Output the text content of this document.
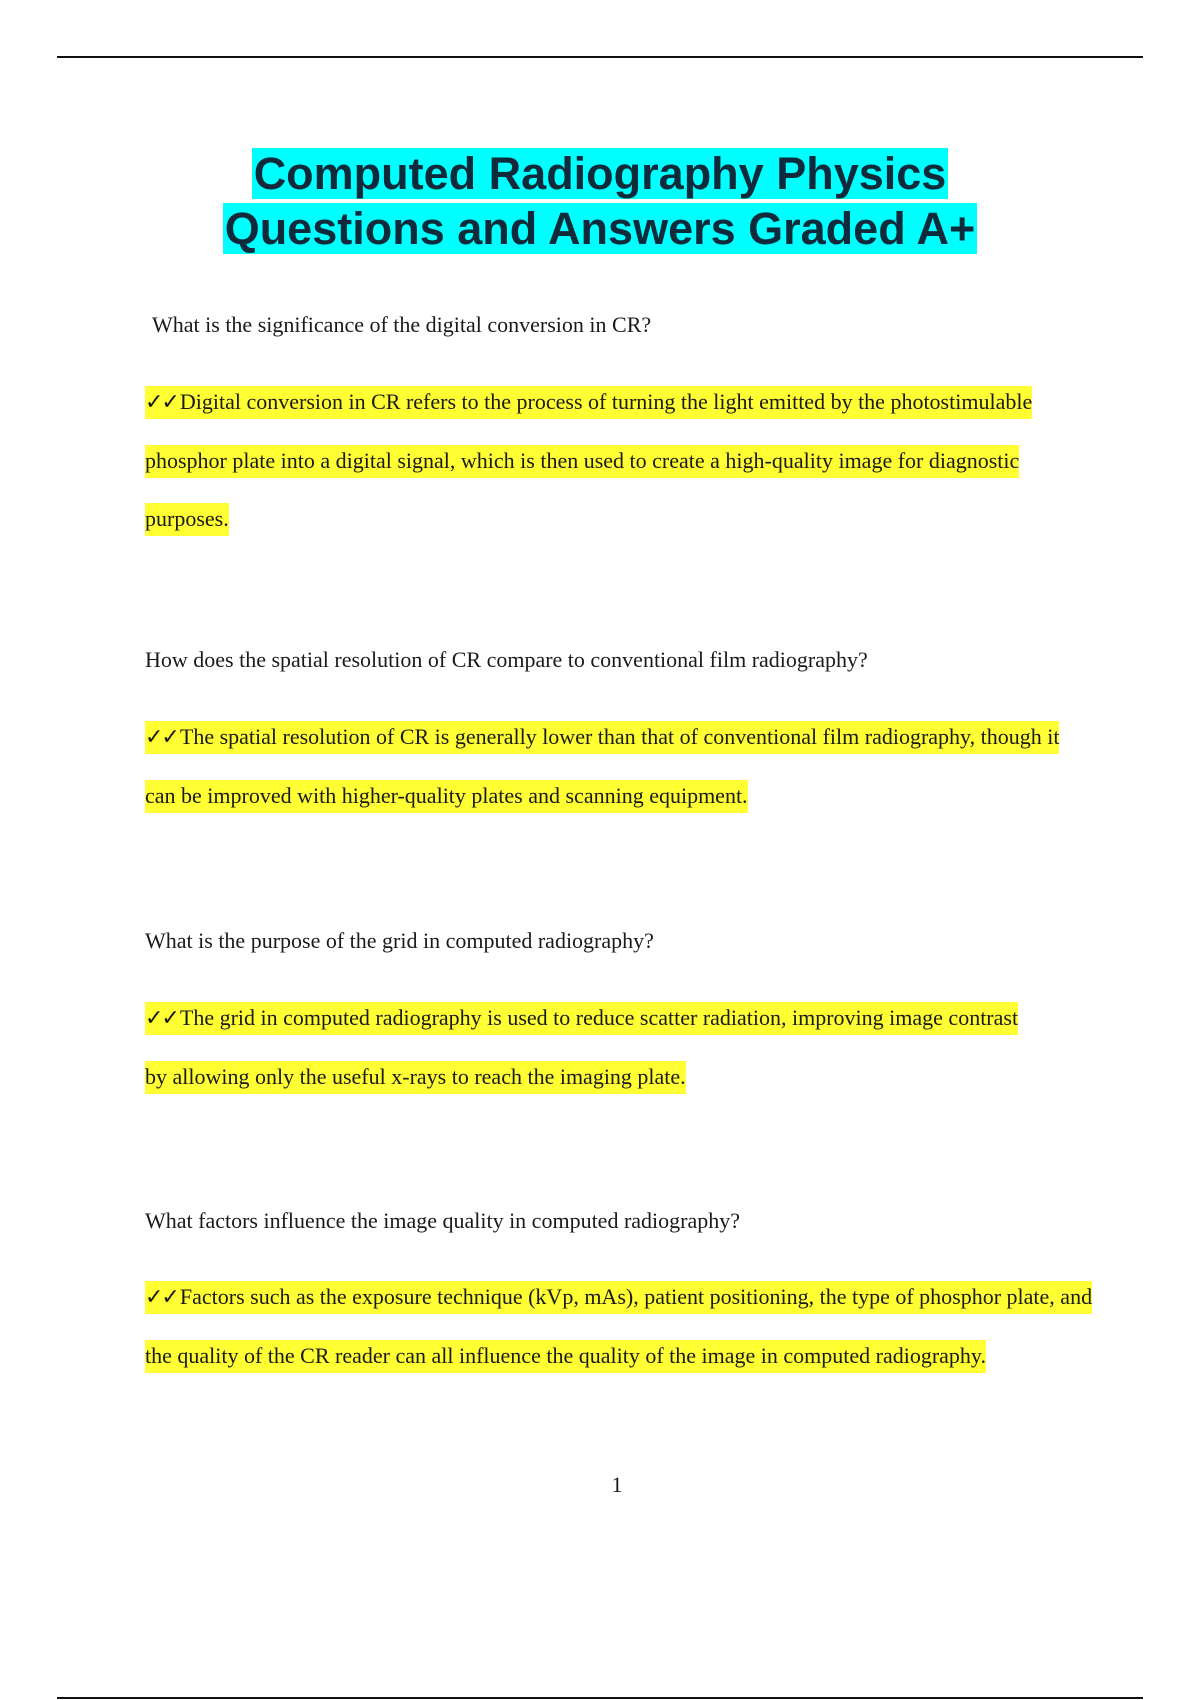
Computed Radiography Physics
Questions and Answers Graded A+

What is the significance of the digital conversion in CR?

✓✓Digital conversion in CR refers to the process of turning the light emitted by the photostimulable phosphor plate into a digital signal, which is then used to create a high-quality image for diagnostic purposes.

How does the spatial resolution of CR compare to conventional film radiography?

✓✓The spatial resolution of CR is generally lower than that of conventional film radiography, though it can be improved with higher-quality plates and scanning equipment.

What is the purpose of the grid in computed radiography?

✓✓The grid in computed radiography is used to reduce scatter radiation, improving image contrast by allowing only the useful x-rays to reach the imaging plate.

What factors influence the image quality in computed radiography?

✓✓Factors such as the exposure technique (kVp, mAs), patient positioning, the type of phosphor plate, and the quality of the CR reader can all influence the quality of the image in computed radiography.

1
